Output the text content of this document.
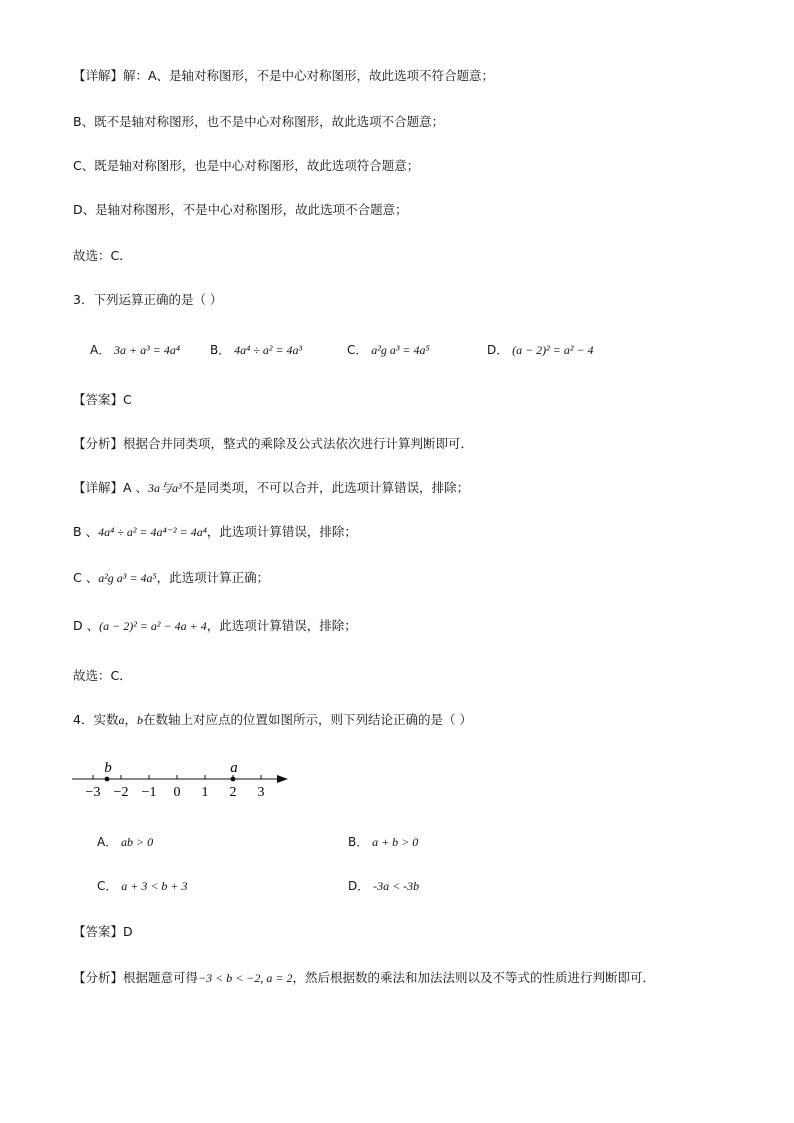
【详解】解：A、是轴对称图形，不是中心对称图形，故此选项不符合题意；
B、既不是轴对称图形，也不是中心对称图形，故此选项不合题意；
C、既是轴对称图形，也是中心对称图形，故此选项符合题意；
D、是轴对称图形，不是中心对称图形，故此选项不合题意；
故选：C．
3．下列运算正确的是（ ）
A． 3a + a³ = 4a⁴ B． 4a⁴ ÷ a² = 4a³	C． a²g a³ = 4a⁵	D． (a − 2)² = a² − 4
【答案】C
【分析】根据合并同类项，整式的乘除及公式法依次进行计算判断即可．
【详解】A 、3a与a³不是同类项，不可以合并，此选项计算错误，排除；
B 、4a⁴ ÷ a² = 4a⁴⁻² = 4a⁴，此选项计算错误，排除；
C 、a²g a³ = 4a⁵，此选项计算正确；
D 、(a − 2)² = a² − 4a + 4，此选项计算错误，排除；
故选：C．
4．实数a，b在数轴上对应点的位置如图所示，则下列结论正确的是（ ）
−3 −2 −1 0 1 2 3
b	a
A． ab > 0	B． a + b > 0
C． a + 3 < b + 3	D． -3a < -3b
【答案】D
【分析】根据题意可得−3 < b < −2, a = 2，然后根据数的乘法和加法法则以及不等式的性质进行判断即可．
